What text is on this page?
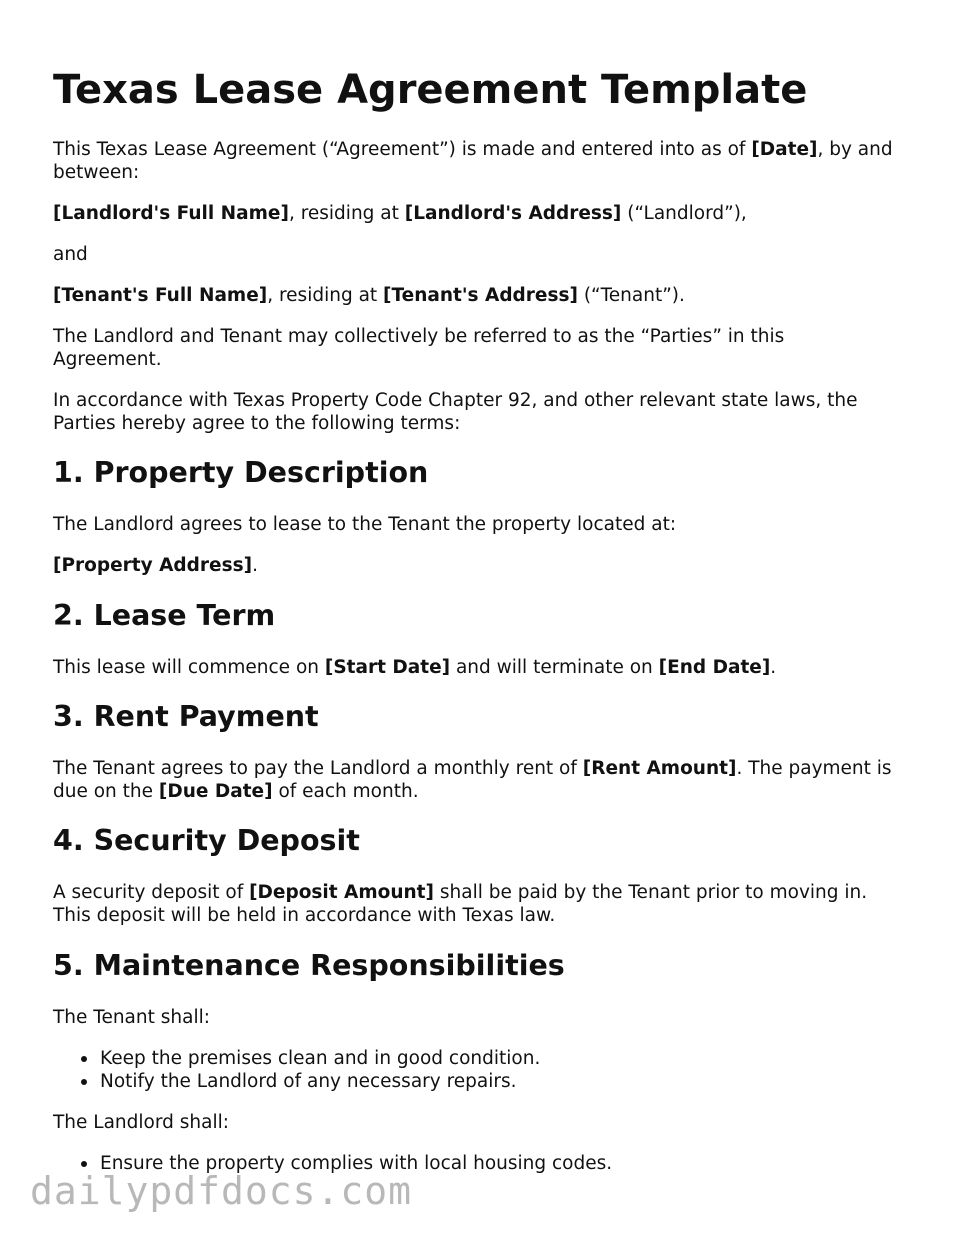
Texas Lease Agreement Template

This Texas Lease Agreement (“Agreement”) is made and entered into as of [Date], by and between:

[Landlord's Full Name], residing at [Landlord's Address] (“Landlord”),

and

[Tenant's Full Name], residing at [Tenant's Address] (“Tenant”).

The Landlord and Tenant may collectively be referred to as the “Parties” in this Agreement.

In accordance with Texas Property Code Chapter 92, and other relevant state laws, the Parties hereby agree to the following terms:

1. Property Description

The Landlord agrees to lease to the Tenant the property located at:

[Property Address].

2. Lease Term

This lease will commence on [Start Date] and will terminate on [End Date].

3. Rent Payment

The Tenant agrees to pay the Landlord a monthly rent of [Rent Amount]. The payment is due on the [Due Date] of each month.

4. Security Deposit

A security deposit of [Deposit Amount] shall be paid by the Tenant prior to moving in. This deposit will be held in accordance with Texas law.

5. Maintenance Responsibilities

The Tenant shall:

Keep the premises clean and in good condition.
Notify the Landlord of any necessary repairs.

The Landlord shall:

Ensure the property complies with local housing codes.
dailypdfdocs.com
